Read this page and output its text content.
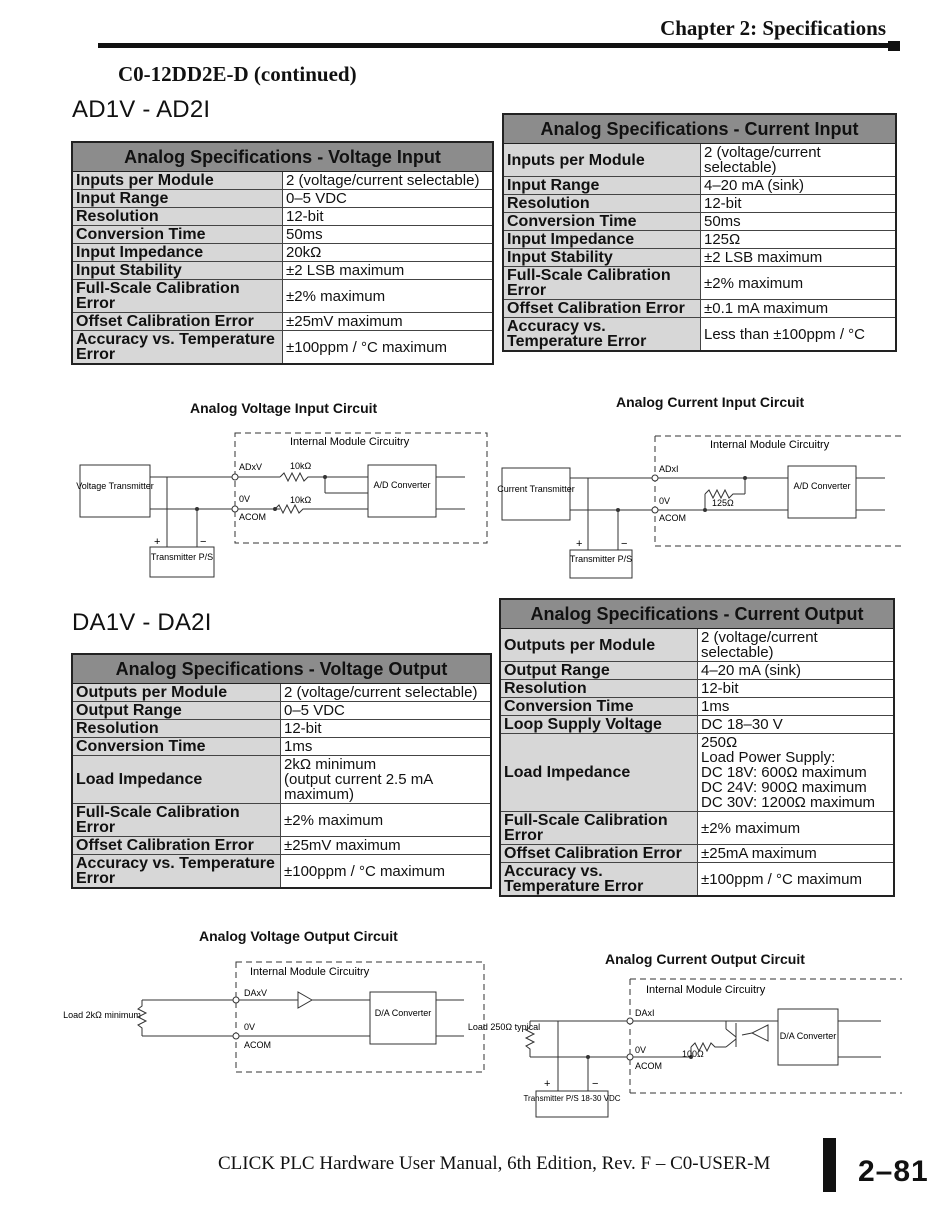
Chapter 2: Specifications
C0-12DD2E-D (continued)
AD1V - AD2I
DA1V - DA2I
Analog Specifications - Voltage Input	
Inputs per Module	2 (voltage/current selectable)
Input Range	0–5 VDC
Resolution	12-bit
Conversion Time	50ms
Input Impedance	20kΩ
Input Stability	±2 LSB maximum
Full-Scale Calibration Error	±2% maximum
Offset Calibration Error	±25mV maximum
Accuracy vs. Temperature Error	±100ppm / °C maximum
Analog Specifications - Current Input	
Inputs per Module	2 (voltage/current selectable)
Input Range	4–20 mA (sink)
Resolution	12-bit
Conversion Time	50ms
Input Impedance	125Ω
Input Stability	±2 LSB maximum
Full-Scale Calibration Error	±2% maximum
Offset Calibration Error	±0.1 mA maximum
Accuracy vs. Temperature Error	Less than ±100ppm / °C
Analog Specifications - Voltage Output	
Outputs per Module	2 (voltage/current selectable)
Output Range	0–5 VDC
Resolution	12-bit
Conversion Time	1ms
Load Impedance	2kΩ minimum
(output current 2.5 mA maximum)
Full-Scale Calibration Error	±2% maximum
Offset Calibration Error	±25mV maximum
Accuracy vs. Temperature Error	±100ppm / °C maximum
Analog Specifications - Current Output	
Outputs per Module	2 (voltage/current selectable)
Output Range	4–20 mA (sink)
Resolution	12-bit
Conversion Time	1ms
Loop Supply Voltage	DC 18–30 V
Load Impedance	250Ω
Load Power Supply:
DC 18V: 600Ω maximum
DC 24V: 900Ω maximum
DC 30V: 1200Ω maximum
Full-Scale Calibration Error	±2% maximum
Offset Calibration Error	±25mA maximum
Accuracy vs. Temperature Error	±100ppm / °C maximum
Analog Voltage Input Circuit	Analog Current Input Circuit
Analog Voltage Output Circuit
Analog Current Output Circuit
Internal Module Circuitry
Voltage Transmitter
ADxV
0V
ACOM
10kΩ
10kΩ
A/D Converter
+	−
Transmitter P/S
Internal Module Circuitry
Current Transmitter
ADxI
0V
ACOM
125Ω
A/D Converter
+	−
Transmitter P/S
Internal Module Circuitry
Load 2kΩ minimum
DAxV
0V
ACOM
D/A Converter
Internal Module Circuitry
Load 250Ω typical
DAxI
0V
ACOM
100Ω
D/A Converter
+	−
Transmitter P/S 18-30 VDC
CLICK PLC Hardware User Manual, 6th Edition, Rev. F – C0-USER-M	2–81
